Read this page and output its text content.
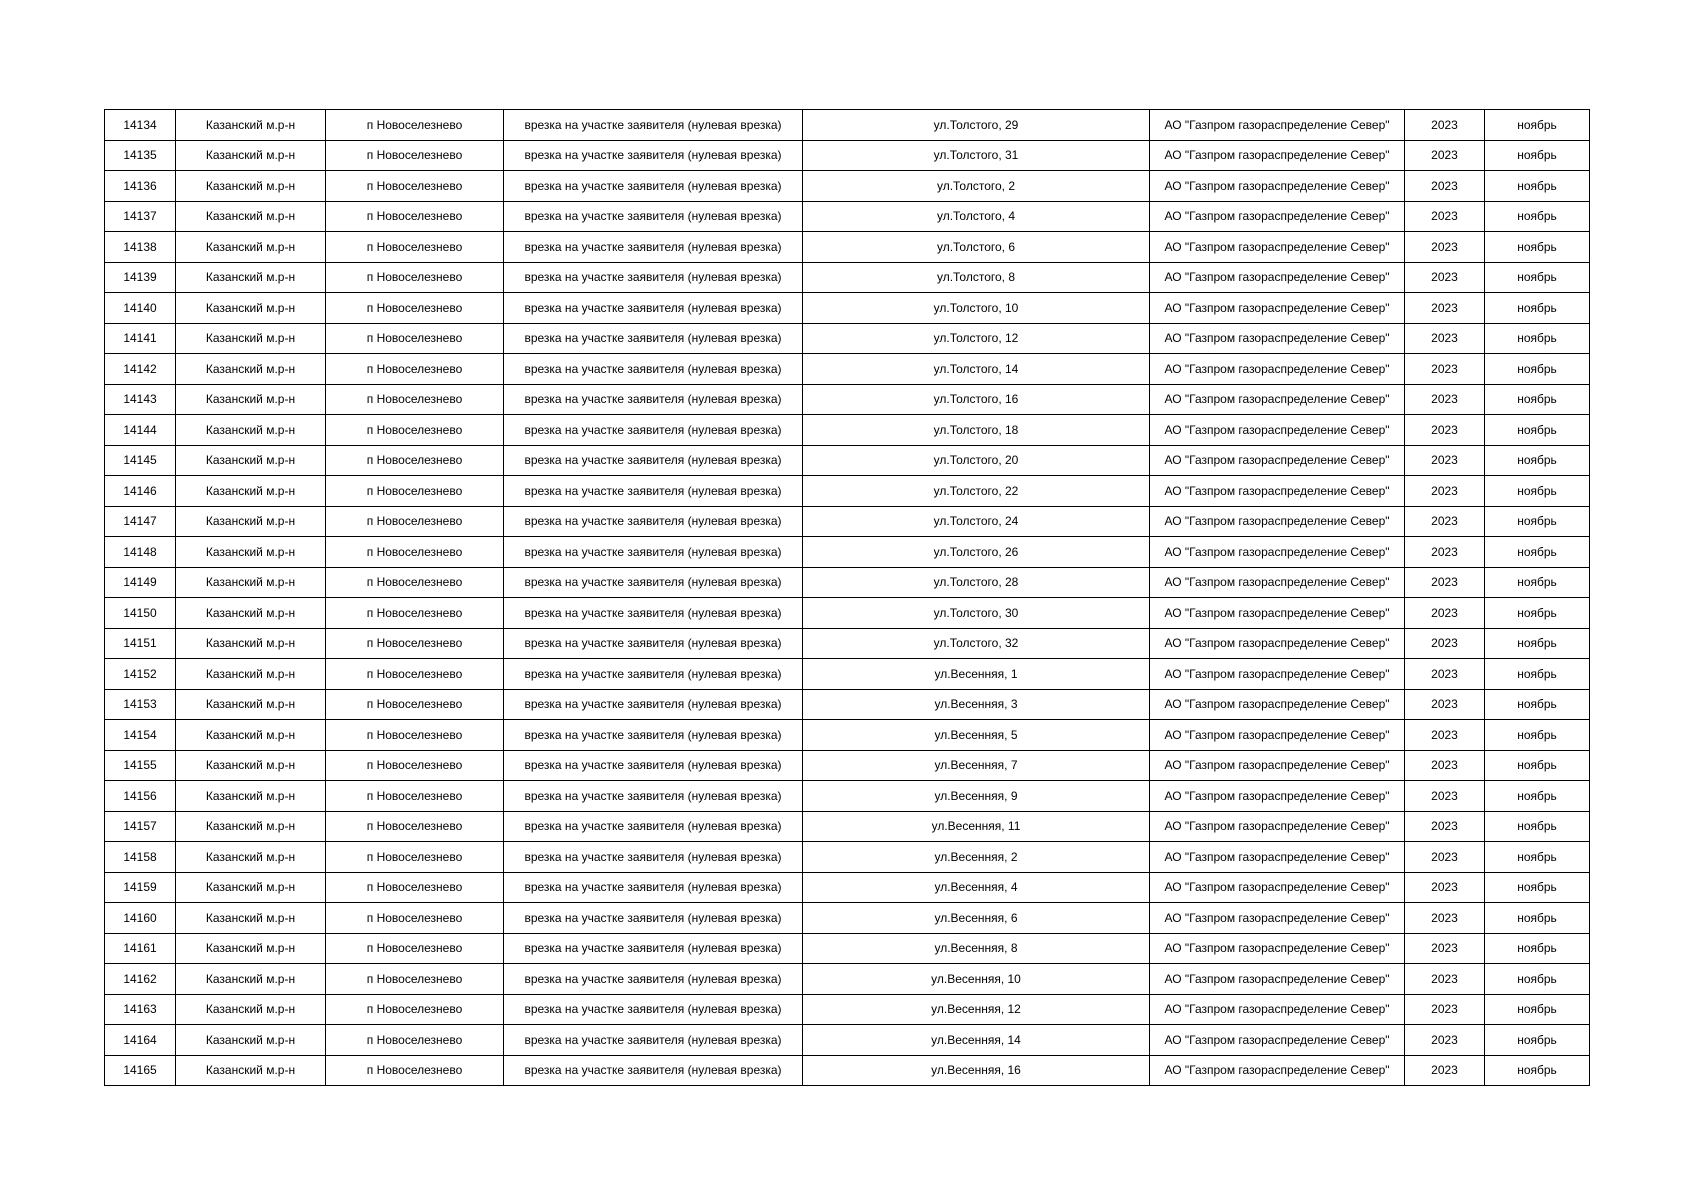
14134	Казанский м.р-н	п Новоселезнево	врезка на участке заявителя (нулевая врезка)	ул.Толстого, 29	АО "Газпром газораспределение Север"	2023	ноябрь
14135	Казанский м.р-н	п Новоселезнево	врезка на участке заявителя (нулевая врезка)	ул.Толстого, 31	АО "Газпром газораспределение Север"	2023	ноябрь
14136	Казанский м.р-н	п Новоселезнево	врезка на участке заявителя (нулевая врезка)	ул.Толстого, 2	АО "Газпром газораспределение Север"	2023	ноябрь
14137	Казанский м.р-н	п Новоселезнево	врезка на участке заявителя (нулевая врезка)	ул.Толстого, 4	АО "Газпром газораспределение Север"	2023	ноябрь
14138	Казанский м.р-н	п Новоселезнево	врезка на участке заявителя (нулевая врезка)	ул.Толстого, 6	АО "Газпром газораспределение Север"	2023	ноябрь
14139	Казанский м.р-н	п Новоселезнево	врезка на участке заявителя (нулевая врезка)	ул.Толстого, 8	АО "Газпром газораспределение Север"	2023	ноябрь
14140	Казанский м.р-н	п Новоселезнево	врезка на участке заявителя (нулевая врезка)	ул.Толстого, 10	АО "Газпром газораспределение Север"	2023	ноябрь
14141	Казанский м.р-н	п Новоселезнево	врезка на участке заявителя (нулевая врезка)	ул.Толстого, 12	АО "Газпром газораспределение Север"	2023	ноябрь
14142	Казанский м.р-н	п Новоселезнево	врезка на участке заявителя (нулевая врезка)	ул.Толстого, 14	АО "Газпром газораспределение Север"	2023	ноябрь
14143	Казанский м.р-н	п Новоселезнево	врезка на участке заявителя (нулевая врезка)	ул.Толстого, 16	АО "Газпром газораспределение Север"	2023	ноябрь
14144	Казанский м.р-н	п Новоселезнево	врезка на участке заявителя (нулевая врезка)	ул.Толстого, 18	АО "Газпром газораспределение Север"	2023	ноябрь
14145	Казанский м.р-н	п Новоселезнево	врезка на участке заявителя (нулевая врезка)	ул.Толстого, 20	АО "Газпром газораспределение Север"	2023	ноябрь
14146	Казанский м.р-н	п Новоселезнево	врезка на участке заявителя (нулевая врезка)	ул.Толстого, 22	АО "Газпром газораспределение Север"	2023	ноябрь
14147	Казанский м.р-н	п Новоселезнево	врезка на участке заявителя (нулевая врезка)	ул.Толстого, 24	АО "Газпром газораспределение Север"	2023	ноябрь
14148	Казанский м.р-н	п Новоселезнево	врезка на участке заявителя (нулевая врезка)	ул.Толстого, 26	АО "Газпром газораспределение Север"	2023	ноябрь
14149	Казанский м.р-н	п Новоселезнево	врезка на участке заявителя (нулевая врезка)	ул.Толстого, 28	АО "Газпром газораспределение Север"	2023	ноябрь
14150	Казанский м.р-н	п Новоселезнево	врезка на участке заявителя (нулевая врезка)	ул.Толстого, 30	АО "Газпром газораспределение Север"	2023	ноябрь
14151	Казанский м.р-н	п Новоселезнево	врезка на участке заявителя (нулевая врезка)	ул.Толстого, 32	АО "Газпром газораспределение Север"	2023	ноябрь
14152	Казанский м.р-н	п Новоселезнево	врезка на участке заявителя (нулевая врезка)	ул.Весенняя, 1	АО "Газпром газораспределение Север"	2023	ноябрь
14153	Казанский м.р-н	п Новоселезнево	врезка на участке заявителя (нулевая врезка)	ул.Весенняя, 3	АО "Газпром газораспределение Север"	2023	ноябрь
14154	Казанский м.р-н	п Новоселезнево	врезка на участке заявителя (нулевая врезка)	ул.Весенняя, 5	АО "Газпром газораспределение Север"	2023	ноябрь
14155	Казанский м.р-н	п Новоселезнево	врезка на участке заявителя (нулевая врезка)	ул.Весенняя, 7	АО "Газпром газораспределение Север"	2023	ноябрь
14156	Казанский м.р-н	п Новоселезнево	врезка на участке заявителя (нулевая врезка)	ул.Весенняя, 9	АО "Газпром газораспределение Север"	2023	ноябрь
14157	Казанский м.р-н	п Новоселезнево	врезка на участке заявителя (нулевая врезка)	ул.Весенняя, 11	АО "Газпром газораспределение Север"	2023	ноябрь
14158	Казанский м.р-н	п Новоселезнево	врезка на участке заявителя (нулевая врезка)	ул.Весенняя, 2	АО "Газпром газораспределение Север"	2023	ноябрь
14159	Казанский м.р-н	п Новоселезнево	врезка на участке заявителя (нулевая врезка)	ул.Весенняя, 4	АО "Газпром газораспределение Север"	2023	ноябрь
14160	Казанский м.р-н	п Новоселезнево	врезка на участке заявителя (нулевая врезка)	ул.Весенняя, 6	АО "Газпром газораспределение Север"	2023	ноябрь
14161	Казанский м.р-н	п Новоселезнево	врезка на участке заявителя (нулевая врезка)	ул.Весенняя, 8	АО "Газпром газораспределение Север"	2023	ноябрь
14162	Казанский м.р-н	п Новоселезнево	врезка на участке заявителя (нулевая врезка)	ул.Весенняя, 10	АО "Газпром газораспределение Север"	2023	ноябрь
14163	Казанский м.р-н	п Новоселезнево	врезка на участке заявителя (нулевая врезка)	ул.Весенняя, 12	АО "Газпром газораспределение Север"	2023	ноябрь
14164	Казанский м.р-н	п Новоселезнево	врезка на участке заявителя (нулевая врезка)	ул.Весенняя, 14	АО "Газпром газораспределение Север"	2023	ноябрь
14165	Казанский м.р-н	п Новоселезнево	врезка на участке заявителя (нулевая врезка)	ул.Весенняя, 16	АО "Газпром газораспределение Север"	2023	ноябрь
